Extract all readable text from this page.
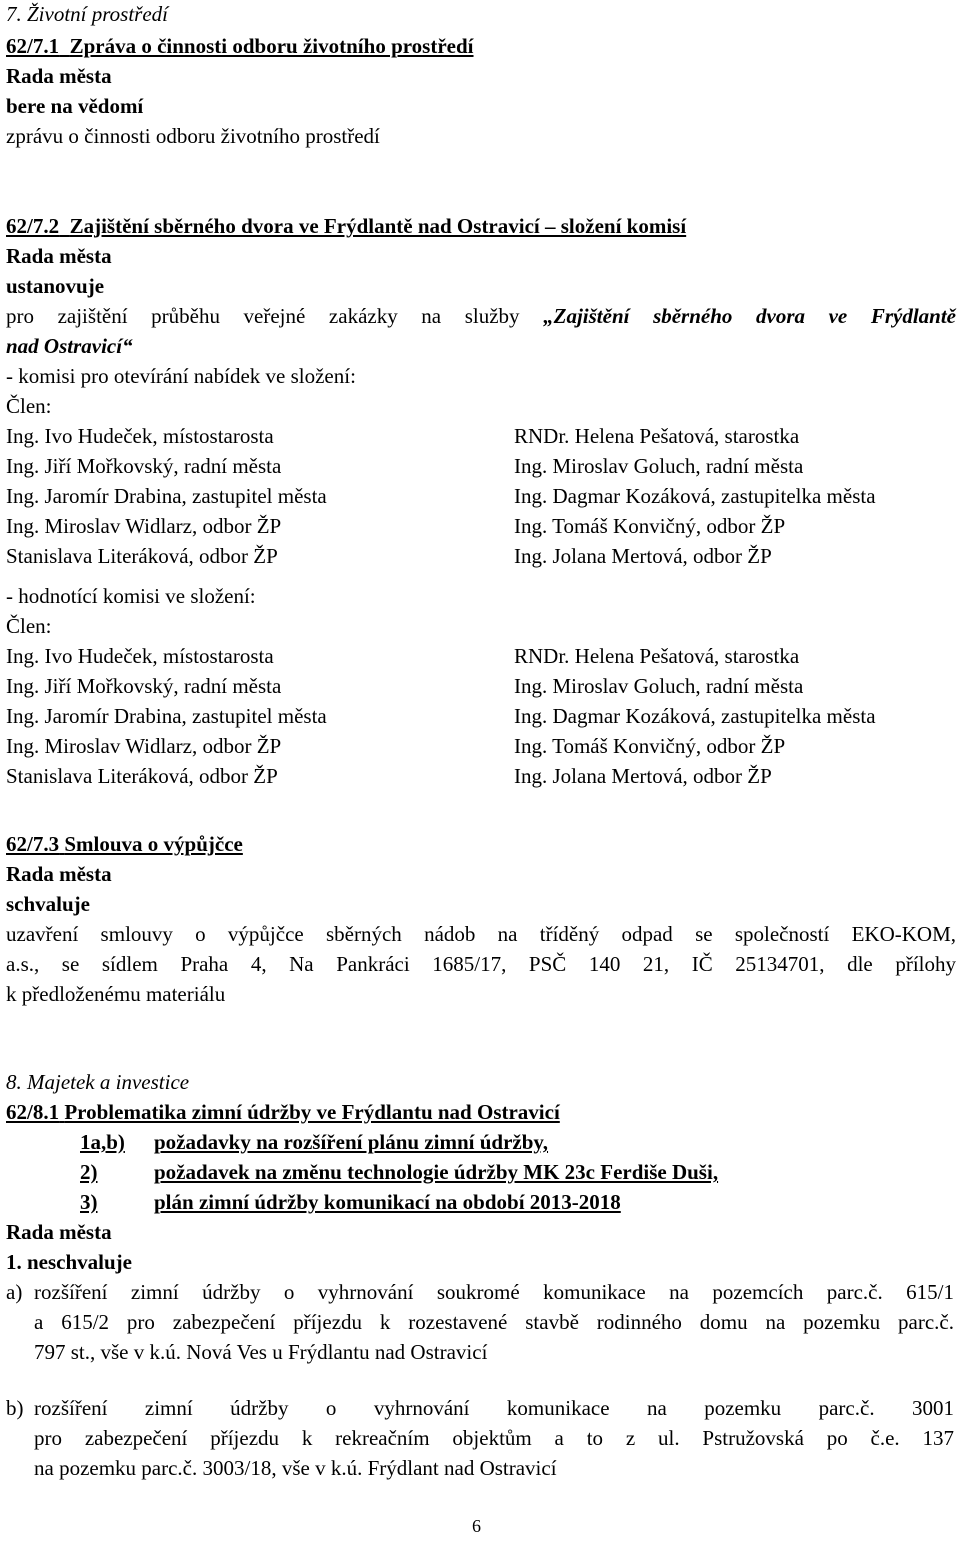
7. Životní prostředí
62/7.1 Zpráva o činnosti odboru životního prostředí
Rada města
bere na vědomí
zprávu o činnosti odboru životního prostředí
62/7.2 Zajištění sběrného dvora ve Frýdlantě nad Ostravicí – složení komisí
Rada města
ustanovuje
pro zajištění průběhu veřejné zakázky na služby „Zajištění sběrného dvora ve Frýdlantě
nad Ostravicí“
- komisi pro otevírání nabídek ve složení:
Člen:
Ing. Ivo Hudeček, místostarosta
Ing. Jiří Mořkovský, radní města
Ing. Jaromír Drabina, zastupitel města
Ing. Miroslav Widlarz, odbor ŽP
Stanislava Literáková, odbor ŽP
RNDr. Helena Pešatová, starostka
Ing. Miroslav Goluch, radní města
Ing. Dagmar Kozáková, zastupitelka města
Ing. Tomáš Konvičný, odbor ŽP
Ing. Jolana Mertová, odbor ŽP
- hodnotící komisi ve složení:
Člen:
Ing. Ivo Hudeček, místostarosta
Ing. Jiří Mořkovský, radní města
Ing. Jaromír Drabina, zastupitel města
Ing. Miroslav Widlarz, odbor ŽP
Stanislava Literáková, odbor ŽP
RNDr. Helena Pešatová, starostka
Ing. Miroslav Goluch, radní města
Ing. Dagmar Kozáková, zastupitelka města
Ing. Tomáš Konvičný, odbor ŽP
Ing. Jolana Mertová, odbor ŽP
62/7.3 Smlouva o výpůjčce
Rada města
schvaluje
uzavření smlouvy o výpůjčce sběrných nádob na tříděný odpad se společností EKO-KOM,
a.s., se sídlem Praha 4, Na Pankráci 1685/17, PSČ 140 21, IČ 25134701, dle přílohy
k předloženému materiálu
8. Majetek a investice
62/8.1 Problematika zimní údržby ve Frýdlantu nad Ostravicí
1a,b) požadavky na rozšíření plánu zimní údržby,
2)	požadavek na změnu technologie údržby MK 23c Ferdiše Duši,
3)	plán zimní údržby komunikací na období 2013-2018
Rada města
1. neschvaluje
a) rozšíření zimní údržby o vyhrnování soukromé komunikace na pozemcích parc.č. 615/1
a 615/2 pro zabezpečení příjezdu k rozestavené stavbě rodinného domu na pozemku parc.č.
797 st., vše v k.ú. Nová Ves u Frýdlantu nad Ostravicí
b) rozšíření zimní údržby o vyhrnování komunikace na pozemku parc.č. 3001
pro zabezpečení příjezdu k rekreačním objektům a to z ul. Pstružovská po č.e. 137
na pozemku parc.č. 3003/18, vše v k.ú. Frýdlant nad Ostravicí
6
